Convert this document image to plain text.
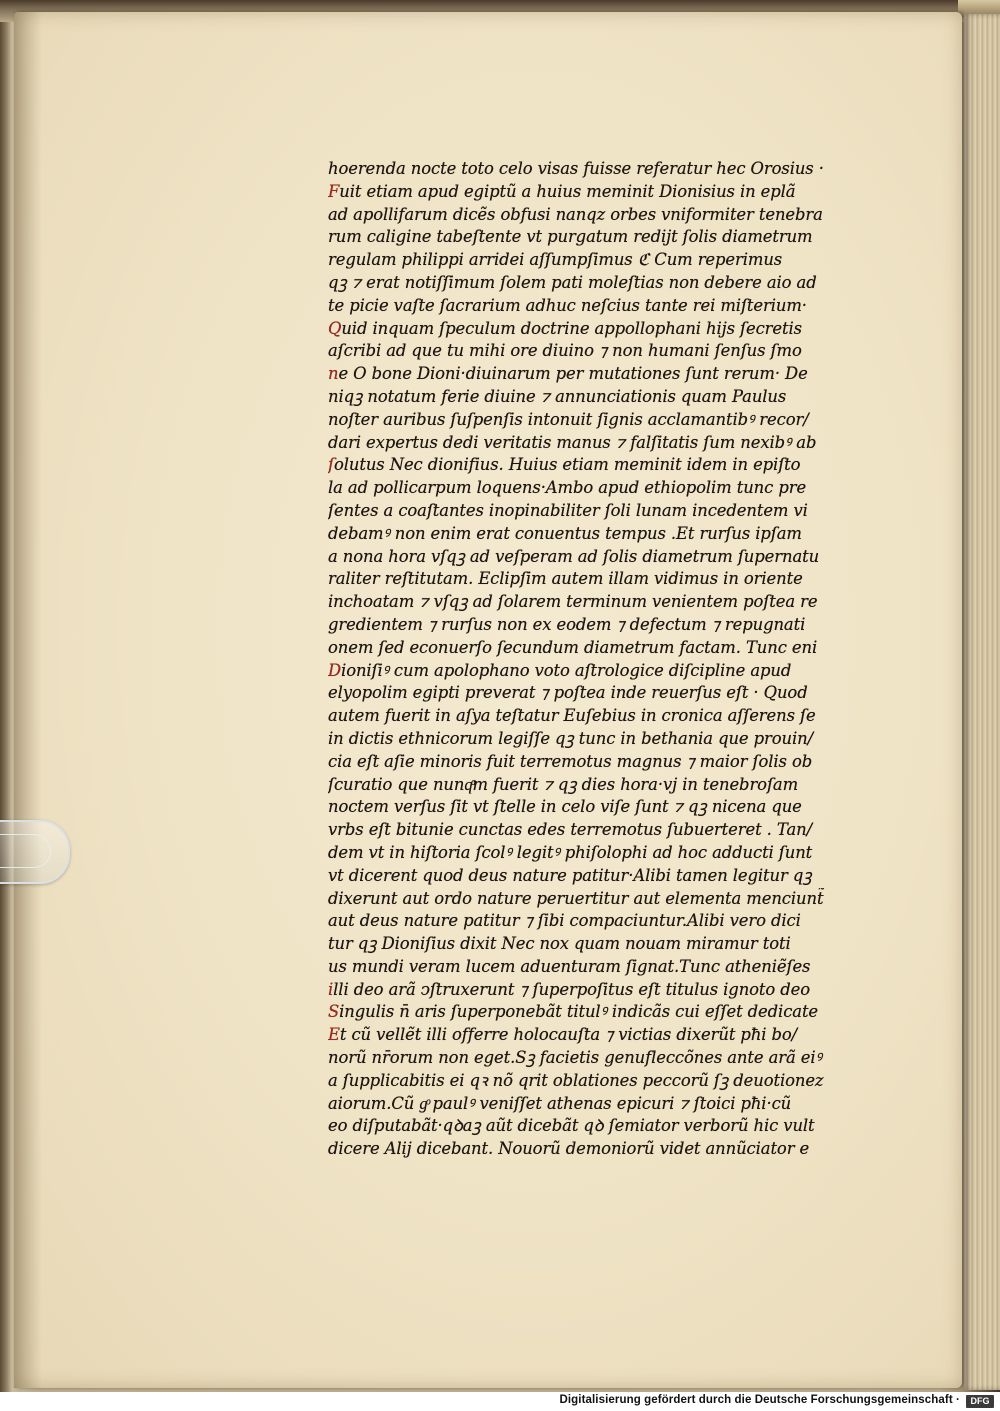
hoerenda nocte toto celo visas fuisse referatur hec Orosius ·
Fuit etiam apud egiptũ a huius meminit Dionisius in eplã
ad apollifarum dicẽs obfusi nanqz orbes vniformiter tenebra
rum caligine tabeſtente vt purgatum redijt ſolis diametrum
regulam philippi arridei aſſumpſimus ℭ Cum reperimus
qꝫ ⁊ erat notiſſimum ſolem pati moleſtias non debere aio ad
te picie vaſte ſacrarium adhuc neſcius tante rei miſterium·
Quid inquam ſpeculum doctrine appollophani hijs ſecretis
aſcribi ad que tu mihi ore diuino ⁊ non humani ſenſus ſmo
ne O bone Dioni·diuinarum per mutationes ſunt rerum· De
niqꝫ notatum ferie diuine ⁊ annunciationis quam Paulus
noſter auribus ſuſpenſis intonuit ſignis acclamantibꝰ recor/
dari expertus dedi veritatis manus ⁊ falſitatis ſum nexibꝰ ab
ſolutus Nec dionifius. Huius etiam meminit idem in epiſto
la ad pollicarpum loquens·Ambo apud ethiopolim tunc pre
ſentes a coaſtantes inopinabiliter ſoli lunam incedentem vi
debamꝰ non enim erat conuentus tempus .Et rurſus ipſam
a nona hora vſqꝫ ad veſperam ad ſolis diametrum ſupernatu
raliter reſtitutam. Eclipſim autem illam vidimus in oriente
inchoatam ⁊ vſqꝫ ad ſolarem terminum venientem poſtea re
gredientem ⁊ rurſus non ex eodem ⁊ defectum ⁊ repugnati
onem ſed econuerſo ſecundum diametrum factam. Tunc eni
Dioniſiꝰ cum apolophano voto aſtrologice diſcipline apud
elyopolim egipti preverat ⁊ poſtea inde reuerſus eſt · Quod
autem fuerit in aſya teſtatur Euſebius in cronica aſſerens ſe
in dictis ethnicorum legiſſe qꝫ tunc in bethania que prouin/
cia eſt aſie minoris fuit terremotus magnus ⁊ maior ſolis ob
ſcuratio que nunqͣm fuerit ⁊ qꝫ dies hora·vj in tenebroſam
noctem verſus ſit vt ſtelle in celo viſe ſunt ⁊ qꝫ nicena que
vrbs eſt bitunie cunctas edes terremotus ſubuerteret . Tan/
dem vt in hiſtoria ſcolꝰ legitꝰ phiſolophi ad hoc adducti ſunt
vt dicerent quod deus nature patitur·Alibi tamen legitur qꝫ
dixerunt aut ordo nature peruertitur aut elementa menciunt̃
aut deus nature patitur ⁊ ſibi compaciuntur.Alibi vero dici
tur qꝫ Dioniſius dixit Nec nox quam nouam miramur toti
us mundi veram lucem aduenturam ſignat.Tunc atheniẽſes
illi deo arã ↄſtruxerunt ⁊ ſuperpoſitus eſt titulus ignoto deo
Singulis n̄ aris ſuperponebãt titulꝰ indicãs cui eſſet dedicate
Et cũ vellẽt illi offerre holocauſta ⁊ victias dixerũt pħi bo/
norũ nr̄orum non eget.Sꝫ facietis genufleccõnes ante arã eiꝰ
a ſupplicabitis ei qꝛ nõ qrit oblationes peccorũ ſꝫ deuotionez
aiorum.Cũ gͦ paulꝰ veniſſet athenas epicuri ⁊ ſtoici pħi·cũ
eo diſputabãt·qꝺaꝫ aũt dicebãt qꝺ ſemiator verborũ hic vult
dicere Alij dicebant. Nouorũ demoniorũ videt annũciator e
Digitalisierung gefördert durch die Deutsche Forschungsgemeinschaft ·	DFG
